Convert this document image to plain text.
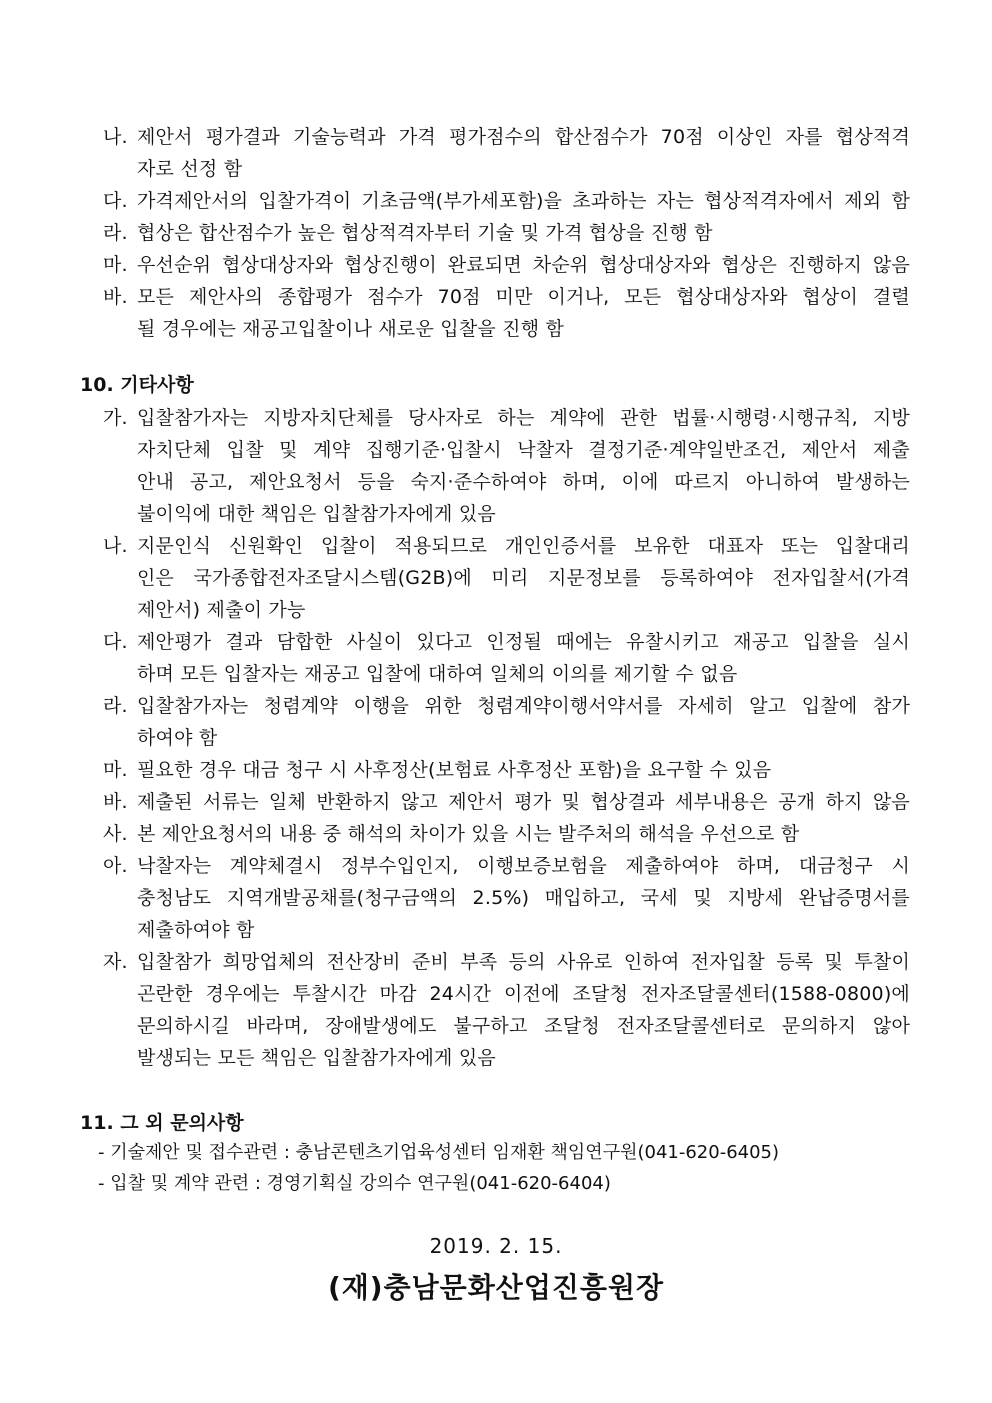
나. 제안서 평가결과 기술능력과 가격 평가점수의 합산점수가 70점 이상인 자를 협상적격
자로 선정 함
다. 가격제안서의 입찰가격이 기초금액(부가세포함)을 초과하는 자는 협상적격자에서 제외 함
라. 협상은 합산점수가 높은 협상적격자부터 기술 및 가격 협상을 진행 함
마. 우선순위 협상대상자와 협상진행이 완료되면 차순위 협상대상자와 협상은 진행하지 않음
바. 모든 제안사의 종합평가 점수가 70점 미만 이거나, 모든 협상대상자와 협상이 결렬
될 경우에는 재공고입찰이나 새로운 입찰을 진행 함
10. 기타사항
가. 입찰참가자는 지방자치단체를 당사자로 하는 계약에 관한 법률·시행령·시행규칙, 지방
자치단체 입찰 및 계약 집행기준·입찰시 낙찰자 결정기준·계약일반조건, 제안서 제출
안내 공고, 제안요청서 등을 숙지·준수하여야 하며, 이에 따르지 아니하여 발생하는
불이익에 대한 책임은 입찰참가자에게 있음
나. 지문인식 신원확인 입찰이 적용되므로 개인인증서를 보유한 대표자 또는 입찰대리
인은 국가종합전자조달시스템(G2B)에 미리 지문정보를 등록하여야 전자입찰서(가격
제안서) 제출이 가능
다. 제안평가 결과 담합한 사실이 있다고 인정될 때에는 유찰시키고 재공고 입찰을 실시
하며 모든 입찰자는 재공고 입찰에 대하여 일체의 이의를 제기할 수 없음
라. 입찰참가자는 청렴계약 이행을 위한 청렴계약이행서약서를 자세히 알고 입찰에 참가
하여야 함
마. 필요한 경우 대금 청구 시 사후정산(보험료 사후정산 포함)을 요구할 수 있음
바. 제출된 서류는 일체 반환하지 않고 제안서 평가 및 협상결과 세부내용은 공개 하지 않음
사. 본 제안요청서의 내용 중 해석의 차이가 있을 시는 발주처의 해석을 우선으로 함
아. 낙찰자는 계약체결시 정부수입인지, 이행보증보험을 제출하여야 하며, 대금청구 시
충청남도 지역개발공채를(청구금액의 2.5%) 매입하고, 국세 및 지방세 완납증명서를
제출하여야 함
자. 입찰참가 희망업체의 전산장비 준비 부족 등의 사유로 인하여 전자입찰 등록 및 투찰이
곤란한 경우에는 투찰시간 마감 24시간 이전에 조달청 전자조달콜센터(1588-0800)에
문의하시길 바라며, 장애발생에도 불구하고 조달청 전자조달콜센터로 문의하지 않아
발생되는 모든 책임은 입찰참가자에게 있음
11. 그 외 문의사항
- 기술제안 및 접수관련 : 충남콘텐츠기업육성센터 임재환 책임연구원(041-620-6405)
- 입찰 및 계약 관련 : 경영기획실 강의수 연구원(041-620-6404)
2019. 2. 15.
(재)충남문화산업진흥원장
